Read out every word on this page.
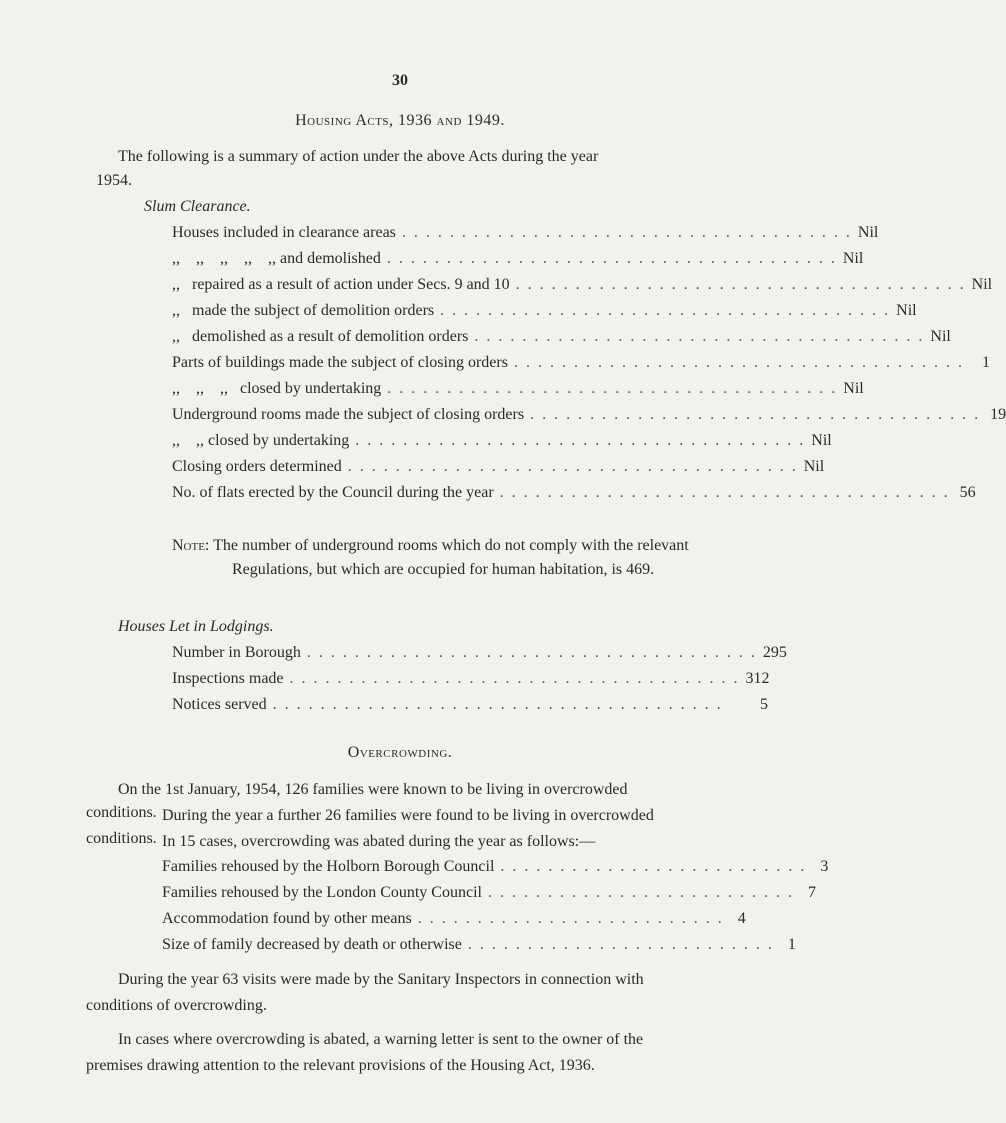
30
Housing Acts, 1936 and 1949.
The following is a summary of action under the above Acts during the year
1954.
Slum Clearance.
Houses included in clearance areas . . . . . . . . . . . . . . . . . . . . . . . . . . . . . . . . . . . . . . Nil
,,    ,,    ,,    ,,    ,, and demolished . . . . . . . . . . . . . . . . . . . . . . . . . . . . . . . . . . . . . . Nil
,,   repaired as a result of action under Secs. 9 and 10 . . . . . . . . . . . . . . . . . . . . . . . . . . . . . . . . . . . . . . Nil
,,   made the subject of demolition orders . . . . . . . . . . . . . . . . . . . . . . . . . . . . . . . . . . . . . . Nil
,,   demolished as a result of demolition orders . . . . . . . . . . . . . . . . . . . . . . . . . . . . . . . . . . . . . . Nil
Parts of buildings made the subject of closing orders . . . . . . . . . . . . . . . . . . . . . . . . . . . . . . . . . . . . . .	1
,,    ,,    ,,   closed by undertaking . . . . . . . . . . . . . . . . . . . . . . . . . . . . . . . . . . . . . . Nil
Underground rooms made the subject of closing orders . . . . . . . . . . . . . . . . . . . . . . . . . . . . . . . . . . . . . . 19
,,    ,, closed by undertaking . . . . . . . . . . . . . . . . . . . . . . . . . . . . . . . . . . . . . . Nil
Closing orders determined . . . . . . . . . . . . . . . . . . . . . . . . . . . . . . . . . . . . . . Nil
No. of flats erected by the Council during the year . . . . . . . . . . . . . . . . . . . . . . . . . . . . . . . . . . . . . . 56
Note: The number of underground rooms which do not comply with the relevant Regulations, but which are occupied for human habitation, is 469.
Houses Let in Lodgings.
Number in Borough . . . . . . . . . . . . . . . . . . . . . . . . . . . . . . . . . . . . . . 295
Inspections made . . . . . . . . . . . . . . . . . . . . . . . . . . . . . . . . . . . . . . 312
Notices served . . . . . . . . . . . . . . . . . . . . . . . . . . . . . . . . . . . . . .	5
Overcrowding.
On the 1st January, 1954, 126 families were known to be living in overcrowded
conditions. During the year a further 26 families were found to be living in overcrowded
conditions. In 15 cases, overcrowding was abated during the year as follows:—
Families rehoused by the Holborn Borough Council . . . . . . . . . . . . . . . . . . . . . . . . . . 3
Families rehoused by the London County Council . . . . . . . . . . . . . . . . . . . . . . . . . . 7
Accommodation found by other means . . . . . . . . . . . . . . . . . . . . . . . . . . 4
Size of family decreased by death or otherwise . . . . . . . . . . . . . . . . . . . . . . . . . . 1
During the year 63 visits were made by the Sanitary Inspectors in connection with
conditions of overcrowding.
In cases where overcrowding is abated, a warning letter is sent to the owner of the
premises drawing attention to the relevant provisions of the Housing Act, 1936.
